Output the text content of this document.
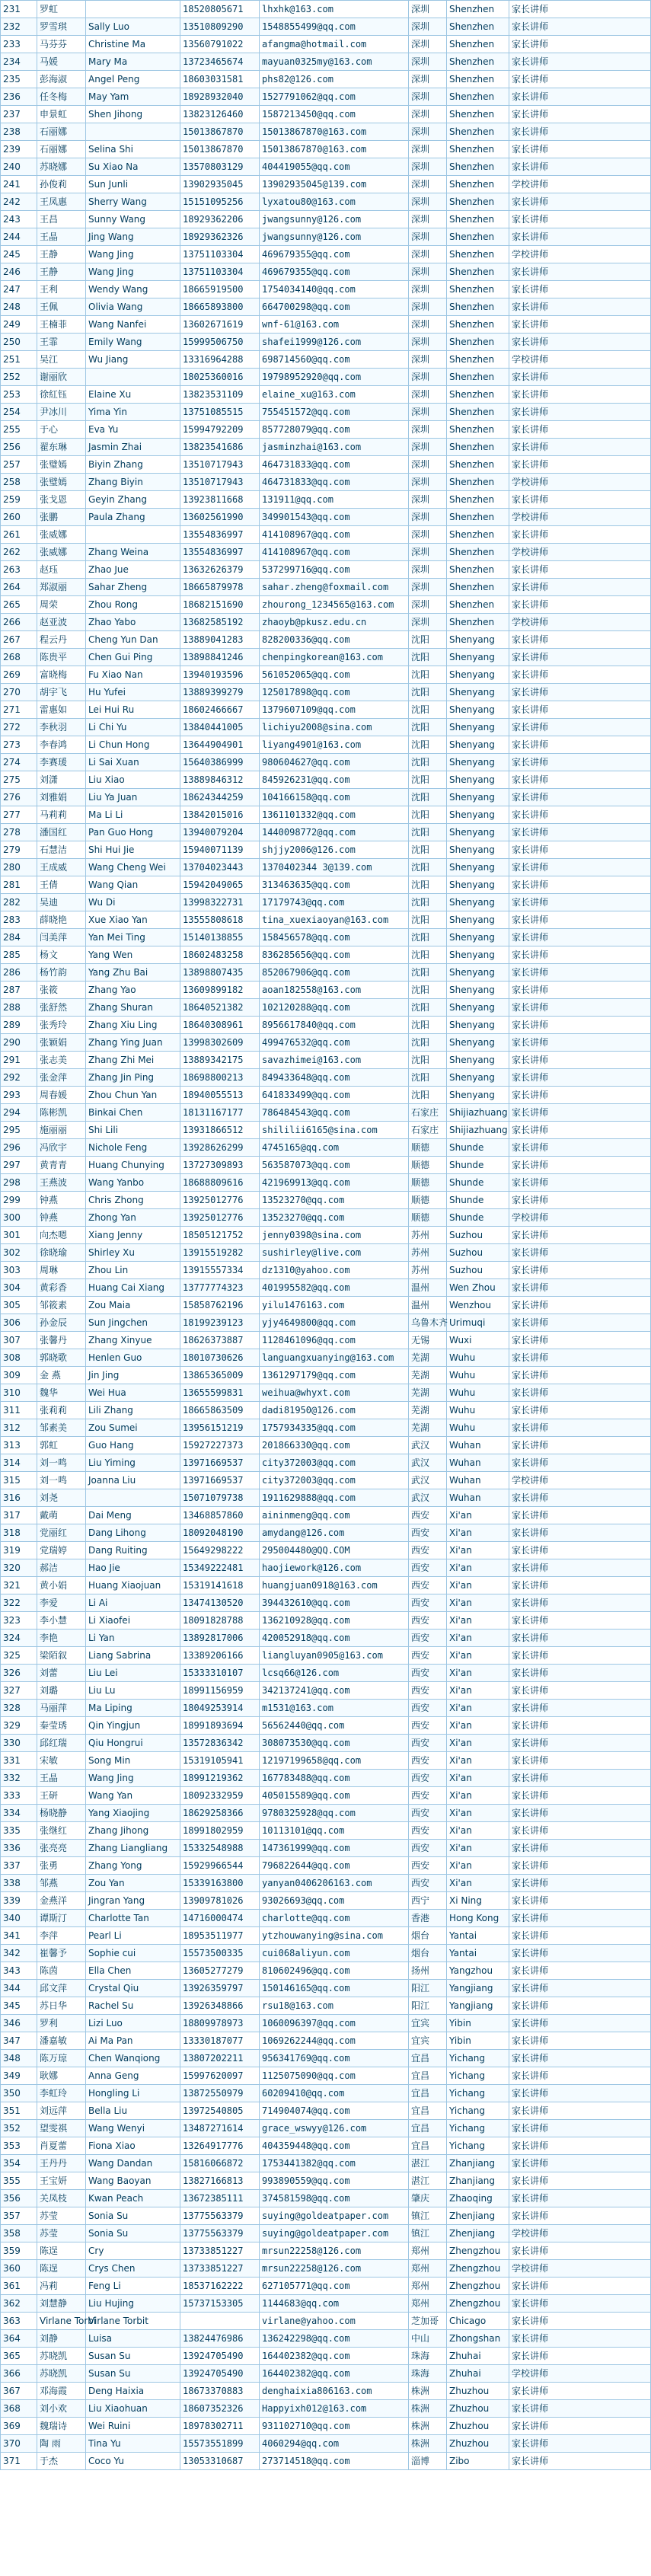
231	罗虹		18520805671	lhxhk@163.com	深圳	Shenzhen	家长讲师
232	罗雪琪	Sally Luo	13510809290	1548855499@qq.com	深圳	Shenzhen	家长讲师
233	马芬芬	Christine Ma	13560791022	afangma@hotmail.com	深圳	Shenzhen	家长讲师
234	马媛	Mary Ma	13723465674	mayuan0325my@163.com	深圳	Shenzhen	家长讲师
235	彭海淑	Angel Peng	18603031581	phs82@126.com	深圳	Shenzhen	家长讲师
236	任冬梅	May Yam	18928932040	1527791062@qq.com	深圳	Shenzhen	家长讲师
237	申景虹	Shen Jihong	13823126460	1587213450@qq.com	深圳	Shenzhen	家长讲师
238	石丽娜		15013867870	15013867870@163.com	深圳	Shenzhen	家长讲师
239	石丽娜	Selina Shi	15013867870	15013867870@163.com	深圳	Shenzhen	家长讲师
240	苏晓娜	Su Xiao Na	13570803129	404419055@qq.com	深圳	Shenzhen	家长讲师
241	孙俊莉	Sun Junli	13902935045	13902935045@139.com	深圳	Shenzhen	学校讲师
242	王凤惠	Sherry Wang	15151095256	lyxatou80@163.com	深圳	Shenzhen	家长讲师
243	王昌	Sunny Wang	18929362206	jwangsunny@126.com	深圳	Shenzhen	家长讲师
244	王晶	Jing Wang	18929362326	jwangsunny@126.com	深圳	Shenzhen	家长讲师
245	王静	Wang Jing	13751103304	469679355@qq.com	深圳	Shenzhen	学校讲师
246	王静	Wang Jing	13751103304	469679355@qq.com	深圳	Shenzhen	家长讲师
247	王利	Wendy Wang	18665919500	1754034140@qq.com	深圳	Shenzhen	家长讲师
248	王佩	Olivia Wang	18665893800	664700298@qq.com	深圳	Shenzhen	家长讲师
249	王楠菲	Wang Nanfei	13602671619	wnf-61@163.com	深圳	Shenzhen	家长讲师
250	王霏	Emily Wang	15999506750	shafei1999@126.com	深圳	Shenzhen	家长讲师
251	吴江	Wu Jiang	13316964288	698714560@qq.com	深圳	Shenzhen	学校讲师
252	谢丽欣		18025360016	19798952920@qq.com	深圳	Shenzhen	家长讲师
253	徐紅钰	Elaine Xu	13823531109	elaine_xu@163.com	深圳	Shenzhen	家长讲师
254	尹冰川	Yima Yin	13751085515	755451572@qq.com	深圳	Shenzhen	家长讲师
255	于心	Eva Yu	15994792209	857728079@qq.com	深圳	Shenzhen	家长讲师
256	翟东琳	Jasmin Zhai	13823541686	jasminzhai@163.com	深圳	Shenzhen	家长讲师
257	张璧嫣	Biyin Zhang	13510717943	464731833@qq.com	深圳	Shenzhen	家长讲师
258	张璧嫣	Zhang Biyin	13510717943	464731833@qq.com	深圳	Shenzhen	学校讲师
259	张戈恩	Geyin Zhang	13923811668	131911@qq.com	深圳	Shenzhen	家长讲师
260	张鹏	Paula Zhang	13602561990	349901543@qq.com	深圳	Shenzhen	学校讲师
261	张威娜		13554836997	414108967@qq.com	深圳	Shenzhen	家长讲师
262	张威娜	Zhang Weina	13554836997	414108967@qq.com	深圳	Shenzhen	学校讲师
263	赵珏	Zhao Jue	13632626379	537299716@qq.com	深圳	Shenzhen	家长讲师
264	郑淑丽	Sahar Zheng	18665879978	sahar.zheng@foxmail.com	深圳	Shenzhen	家长讲师
265	周荣	Zhou Rong	18682151690	zhourong_1234565@163.com	深圳	Shenzhen	家长讲师
266	赵亚波	Zhao Yabo	13682585192	zhaoyb@pkusz.edu.cn	深圳	Shenzhen	学校讲师
267	程云丹	Cheng Yun Dan	13889041283	828200336@qq.com	沈阳	Shenyang	家长讲师
268	陈贵平	Chen Gui Ping	13898841246	chenpingkorean@163.com	沈阳	Shenyang	家长讲师
269	富晓梅	Fu Xiao Nan	13940193596	561052065@qq.com	沈阳	Shenyang	家长讲师
270	胡宇飞	Hu Yufei	13889399279	125017898@qq.com	沈阳	Shenyang	家长讲师
271	雷惠如	Lei Hui Ru	18602466667	1379607109@qq.com	沈阳	Shenyang	家长讲师
272	李秋羽	Li Chi Yu	13840441005	lichiyu2008@sina.com	沈阳	Shenyang	家长讲师
273	李春鸿	Li Chun Hong	13644904901	liyang4901@163.com	沈阳	Shenyang	家长讲师
274	李赛瑗	Li Sai Xuan	15640386999	980604627@qq.com	沈阳	Shenyang	家长讲师
275	刘潇	Liu Xiao	13889846312	845926231@qq.com	沈阳	Shenyang	家长讲师
276	刘雅娟	Liu Ya Juan	18624344259	104166158@qq.com	沈阳	Shenyang	家长讲师
277	马莉莉	Ma Li Li	13842015016	1361101332@qq.com	沈阳	Shenyang	家长讲师
278	潘国红	Pan Guo Hong	13940079204	1440098772@qq.com	沈阳	Shenyang	家长讲师
279	石慧洁	Shi Hui Jie	15940071139	shjjy2006@126.com	沈阳	Shenyang	家长讲师
280	王成威	Wang Cheng Wei	13704023443	1370402344 3@139.com	沈阳	Shenyang	家长讲师
281	王倩	Wang Qian	15942049065	313463635@qq.com	沈阳	Shenyang	家长讲师
282	吴迪	Wu Di	13998322731	17179743@qq.com	沈阳	Shenyang	家长讲师
283	薛晓艳	Xue Xiao Yan	13555808618	tina_xuexiaoyan@163.com	沈阳	Shenyang	家长讲师
284	闫美萍	Yan Mei Ting	15140138855	158456578@qq.com	沈阳	Shenyang	家长讲师
285	杨文	Yang Wen	18602483258	836285656@qq.com	沈阳	Shenyang	家长讲师
286	杨竹韵	Yang Zhu Bai	13898807435	852067906@qq.com	沈阳	Shenyang	家长讲师
287	张筱	Zhang Yao	13609899182	aoan182558@163.com	沈阳	Shenyang	家长讲师
288	张舒然	Zhang Shuran	18640521382	102120288@qq.com	沈阳	Shenyang	家长讲师
289	张秀玲	Zhang Xiu Ling	18640308961	8956617840@qq.com	沈阳	Shenyang	家长讲师
290	张颖娟	Zhang Ying Juan	13998302609	499476532@qq.com	沈阳	Shenyang	家长讲师
291	张志美	Zhang Zhi Mei	13889342175	savazhimei@163.com	沈阳	Shenyang	家长讲师
292	张金萍	Zhang Jin Ping	18698800213	849433648@qq.com	沈阳	Shenyang	家长讲师
293	周春媛	Zhou Chun Yan	18940055513	641833499@qq.com	沈阳	Shenyang	家长讲师
294	陈彬凯	Binkai Chen	18131167177	786484543@qq.com	石家庄	Shijiazhuang	家长讲师
295	施丽丽	Shi Lili	13931866512	shililii6165@sina.com	石家庄	Shijiazhuang	家长讲师
296	冯欣宇	Nichole Feng	13928626299	4745165@qq.com	顺德	Shunde	家长讲师
297	黄青青	Huang Chunying	13727309893	563587073@qq.com	顺德	Shunde	家长讲师
298	王燕波	Wang Yanbo	18688809616	421969913@qq.com	顺德	Shunde	家长讲师
299	钟燕	Chris Zhong	13925012776	13523270@qq.com	顺德	Shunde	家长讲师
300	钟燕	Zhong Yan	13925012776	13523270@qq.com	顺德	Shunde	学校讲师
301	向杰嗯	Xiang Jenny	18505121752	jenny0398@sina.com	苏州	Suzhou	家长讲师
302	徐晓瑜	Shirley Xu	13915519282	sushirley@live.com	苏州	Suzhou	家长讲师
303	周琳	Zhou Lin	13915557334	dz1310@yahoo.com	苏州	Suzhou	家长讲师
304	黄彩香	Huang Cai Xiang	13777774323	401995582@qq.com	温州	Wen Zhou	家长讲师
305	邹筱素	Zou Maia	15858762196	yilu1476163.com	温州	Wenzhou	家长讲师
306	孙金辰	Sun Jingchen	18199239123	yjy4649800@qq.com	乌鲁木齐	Urimuqi	家长讲师
307	张馨丹	Zhang Xinyue	18626373887	1128461096@qq.com	无锡	Wuxi	家长讲师
308	郭晓歌	Henlen Guo	18010730626	languangxuanying@163.com	芜湖	Wuhu	家长讲师
309	金 燕	Jin Jing	13865365009	1361297179@qq.com	芜湖	Wuhu	家长讲师
310	魏华	Wei Hua	13655599831	weihua@whyxt.com	芜湖	Wuhu	家长讲师
311	张莉莉	Lili Zhang	18665863509	dadi81950@126.com	芜湖	Wuhu	家长讲师
312	邹素美	Zou Sumei	13956151219	1757934335@qq.com	芜湖	Wuhu	家长讲师
313	郭虹	Guo Hang	15927227373	201866330@qq.com	武汉	Wuhan	家长讲师
314	刘一鸣	Liu Yiming	13971669537	city372003@qq.com	武汉	Wuhan	家长讲师
315	刘一鸣	Joanna Liu	13971669537	city372003@qq.com	武汉	Wuhan	学校讲师
316	刘尧		15071079738	1911629888@qq.com	武汉	Wuhan	家长讲师
317	戴萌	Dai Meng	13468857860	aininmeng@qq.com	西安	Xi'an	家长讲师
318	党丽红	Dang Lihong	18092048190	amydang@126.com	西安	Xi'an	家长讲师
319	党瑞婷	Dang Ruiting	15649298222	295004480@QQ.COM	西安	Xi'an	家长讲师
320	郝洁	Hao Jie	15349222481	haojiework@126.com	西安	Xi'an	家长讲师
321	黄小娟	Huang Xiaojuan	15319141618	huangjuan0918@163.com	西安	Xi'an	家长讲师
322	李爱	Li Ai	13474130520	394432610@qq.com	西安	Xi'an	家长讲师
323	李小慧	Li Xiaofei	18091828788	136210928@qq.com	西安	Xi'an	家长讲师
324	李艳	Li Yan	13892817006	420052918@qq.com	西安	Xi'an	家长讲师
325	梁陌叙	Liang Sabrina	13389206166	liangluyan0905@163.com	西安	Xi'an	家长讲师
326	刘蕾	Liu Lei	15333310107	lcsq66@126.com	西安	Xi'an	家长讲师
327	刘璐	Liu Lu	18991156959	342137241@qq.com	西安	Xi'an	家长讲师
328	马丽萍	Ma Liping	18049253914	m1531@163.com	西安	Xi'an	家长讲师
329	秦莹琇	Qin Yingjun	18991893694	56562440@qq.com	西安	Xi'an	家长讲师
330	邱红瑞	Qiu Hongrui	13572836342	308073530@qq.com	西安	Xi'an	家长讲师
331	宋敏	Song Min	15319105941	12197199658@qq.com	西安	Xi'an	家长讲师
332	王晶	Wang Jing	18991219362	167783488@qq.com	西安	Xi'an	家长讲师
333	王研	Wang Yan	18092332959	405015589@qq.com	西安	Xi'an	家长讲师
334	杨晓静	Yang Xiaojing	18629258366	9780325928@qq.com	西安	Xi'an	家长讲师
335	张继红	Zhang Jihong	18991802959	10113101@qq.com	西安	Xi'an	家长讲师
336	张亮亮	Zhang Liangliang	15332548988	147361999@qq.com	西安	Xi'an	家长讲师
337	张勇	Zhang Yong	15929966544	796822644@qq.com	西安	Xi'an	家长讲师
338	邹燕	Zou Yan	15339163800	yanyan0406206163.com	西安	Xi'an	家长讲师
339	金燕洋	Jingran Yang	13909781026	93026693@qq.com	西宁	Xi Ning	家长讲师
340	谭斯汀	Charlotte Tan	14716000474	charlotte@qq.com	香港	Hong Kong	家长讲师
341	李萍	Pearl Li	18953511977	ytzhouwanying@sina.com	烟台	Yantai	家长讲师
342	崔馨予	Sophie cui	15573500335	cui068aliyun.com	烟台	Yantai	家长讲师
343	陈茵	Ella Chen	13605277279	810602496@qq.com	扬州	Yangzhou	家长讲师
344	邱文萍	Crystal Qiu	13926359797	150146165@qq.com	阳江	Yangjiang	家长讲师
345	苏日华	Rachel Su	13926348866	rsu18@163.com	阳江	Yangjiang	家长讲师
346	罗利	Lizi Luo	18809978973	1060096397@qq.com	宜宾	Yibin	家长讲师
347	潘嘉敏	Ai Ma Pan	13330187077	1069262244@qq.com	宜宾	Yibin	家长讲师
348	陈万琼	Chen Wanqiong	13807202211	956341769@qq.com	宜昌	Yichang	家长讲师
349	耿娜	Anna Geng	15997620097	1125075090@qq.com	宜昌	Yichang	家长讲师
350	李虹玲	Hongling Li	13872550979	60209410@qq.com	宜昌	Yichang	家长讲师
351	刘远萍	Bella Liu	13972540805	714904074@qq.com	宜昌	Yichang	家长讲师
352	望雯祺	Wang Wenyi	13487271614	grace_wswyy@126.com	宜昌	Yichang	家长讲师
353	肖夏蕾	Fiona Xiao	13264917776	404359448@qq.com	宜昌	Yichang	家长讲师
354	王丹丹	Wang Dandan	15816066872	1753441382@qq.com	湛江	Zhanjiang	家长讲师
355	王宝妍	Wang Baoyan	13827166813	993890559@qq.com	湛江	Zhanjiang	家长讲师
356	关凤枝	Kwan Peach	13672385111	374581598@qq.com	肇庆	Zhaoqing	家长讲师
357	苏莹	Sonia Su	13775563379	suying@goldeatpaper.com	镇江	Zhenjiang	家长讲师
358	苏莹	Sonia Su	13775563379	suying@goldeatpaper.com	镇江	Zhenjiang	学校讲师
359	陈逞	Cry	13733851227	mrsun22258@126.com	郑州	Zhengzhou	家长讲师
360	陈逞	Crys Chen	13733851227	mrsun22258@126.com	郑州	Zhengzhou	学校讲师
361	冯莉	Feng Li	18537162222	627105771@qq.com	郑州	Zhengzhou	家长讲师
362	刘慧静	Liu Hujing	15737153305	1144683@qq.com	郑州	Zhengzhou	家长讲师
363	Virlane Torbi	Virlane Torbit		virlane@yahoo.com	芝加哥	Chicago	家长讲师
364	刘静	Luisa	13824476986	136242298@qq.com	中山	Zhongshan	家长讲师
365	苏晓凯	Susan Su	13924705490	164402382@qq.com	珠海	Zhuhai	家长讲师
366	苏晓凯	Susan Su	13924705490	164402382@qq.com	珠海	Zhuhai	学校讲师
367	邓海霞	Deng Haixia	18673370883	denghaixia806163.com	株洲	Zhuzhou	家长讲师
368	刘小欢	Liu Xiaohuan	18607352326	Happyixh012@163.com	株洲	Zhuzhou	家长讲师
369	魏瑞诗	Wei Ruini	18978302711	931102710@qq.com	株洲	Zhuzhou	家长讲师
370	陶 雨	Tina Yu	15573551899	4060294@qq.com	株洲	Zhuzhou	家长讲师
371	于杰	Coco Yu	13053310687	273714518@qq.com	淄博	Zibo	家长讲师
